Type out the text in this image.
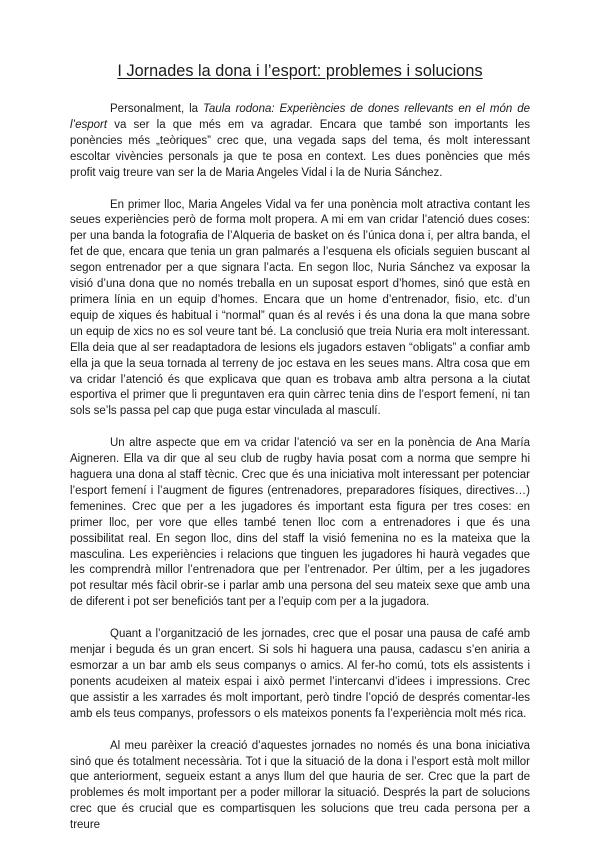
I Jornades la dona i l’esport: problemes i solucions

Personalment, la Taula rodona: Experiències de dones rellevants en el món de l’esport va ser la que més em va agradar. Encara que també son importants les ponències més „teòriques” crec que, una vegada saps del tema, és molt interessant escoltar vivències personals ja que te posa en context. Les dues ponències que més profit vaig treure van ser la de Maria Angeles Vidal i la de Nuria Sánchez.

En primer lloc, Maria Angeles Vidal va fer una ponència molt atractiva contant les seues experiències però de forma molt propera. A mi em van cridar l’atenció dues coses: per una banda la fotografia de l’Alqueria de basket on és l’única dona i, per altra banda, el fet de que, encara que tenia un gran palmarés a l’esquena els oficials seguien buscant al segon entrenador per a que signara l’acta. En segon lloc, Nuria Sánchez va exposar la visió d’una dona que no només treballa en un suposat esport d’homes, sinó que està en primera línia en un equip d’homes. Encara que un home d’entrenador, fisio, etc. d’un equip de xiques és habitual i “normal” quan és al revés i és una dona la que mana sobre un equip de xics no es sol veure tant bé. La conclusió que treia Nuria era molt interessant. Ella deia que al ser readaptadora de lesions els jugadors estaven “obligats” a confiar amb ella ja que la seua tornada al terreny de joc estava en les seues mans. Altra cosa que em va cridar l’atenció és que explicava que quan es trobava amb altra persona a la ciutat esportiva el primer que li preguntaven era quin càrrec tenia dins de l’esport femení, ni tan sols se’ls passa pel cap que puga estar vinculada al masculí.

Un altre aspecte que em va cridar l’atenció va ser en la ponència de Ana María Aigneren. Ella va dir que al seu club de rugby havia posat com a norma que sempre hi haguera una dona al staff tècnic. Crec que és una iniciativa molt interessant per potenciar l’esport femení i l’augment de figures (entrenadores, preparadores físiques, directives…) femenines. Crec que per a les jugadores és important esta figura per tres coses: en primer lloc, per vore que elles també tenen lloc com a entrenadores i que és una possibilitat real. En segon lloc, dins del staff la visió femenina no es la mateixa que la masculina. Les experiències i relacions que tinguen les jugadores hi haurà vegades que les comprendrà millor l’entrenadora que per l’entrenador. Per últim, per a les jugadores pot resultar més fàcil obrir-se i parlar amb una persona del seu mateix sexe que amb una de diferent i pot ser beneficiós tant per a l’equip com per a la jugadora.

Quant a l’organització de les jornades, crec que el posar una pausa de café amb menjar i beguda és un gran encert. Si sols hi haguera una pausa, cadascu s’en aniria a esmorzar a un bar amb els seus companys o amics. Al fer-ho comú, tots els assistents i ponents acudeixen al mateix espai i això permet l’intercanvi d’idees i impressions. Crec que assistir a les xarrades és molt important, però tindre l’opció de després comentar-les amb els teus companys, professors o els mateixos ponents fa l’experiència molt més rica.

Al meu parèixer la creació d’aquestes jornades no només és una bona iniciativa sinó que és totalment necessària. Tot i que la situació de la dona i l’esport està molt millor que anteriorment, segueix estant a anys llum del que hauria de ser. Crec que la part de problemes és molt important per a poder millorar la situació. Després la part de solucions crec que és crucial que es compartisquen les solucions que treu cada persona per a treure
